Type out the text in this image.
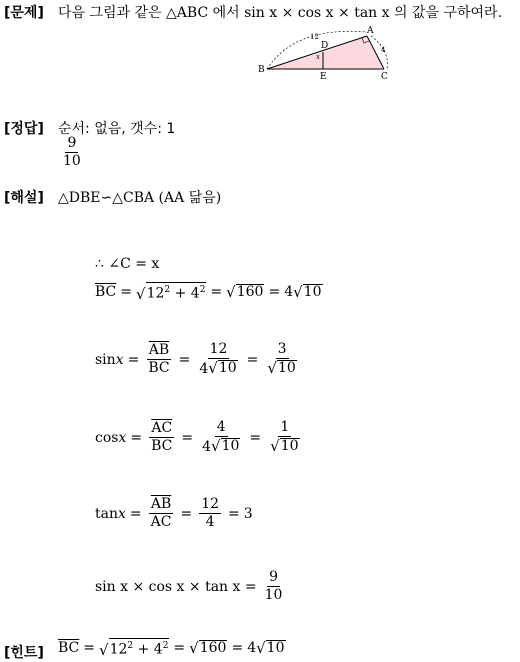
[문제] 다음 그림과 같은 △ABC 에서 sin x × cos x × tan x 의 값을 구하여라.
A
B
C
D
E
12
4
x
[정답] 순서: 없음, 갯수: 1
$\frac{9}{10}$
[해설] △DBE∽△CBA (AA 닮음)
∴ ∠C = x
$\overline{BC}$ = √ $12^2 + 4^2$ = √ 160 = 4 √ 10
$\sin x = \frac{\overline{AB}}{BC} = \frac{12}{4 √ 10} = \frac{3}{√ 10}$
$\cos x = \frac{\overline{AC}}{BC} = \frac{4}{4 √ 10} = \frac{1}{√ 10}$
$\tan x = \frac{\overline{AB}}{AC} = \frac{12}{4} = 3$
$\sin x \times \cos x \times \tan x = \frac{9}{10}$
[힌트] $\overline{BC}$ = √ $12^2 + 4^2$ = √ 160 = 4 √ 10
